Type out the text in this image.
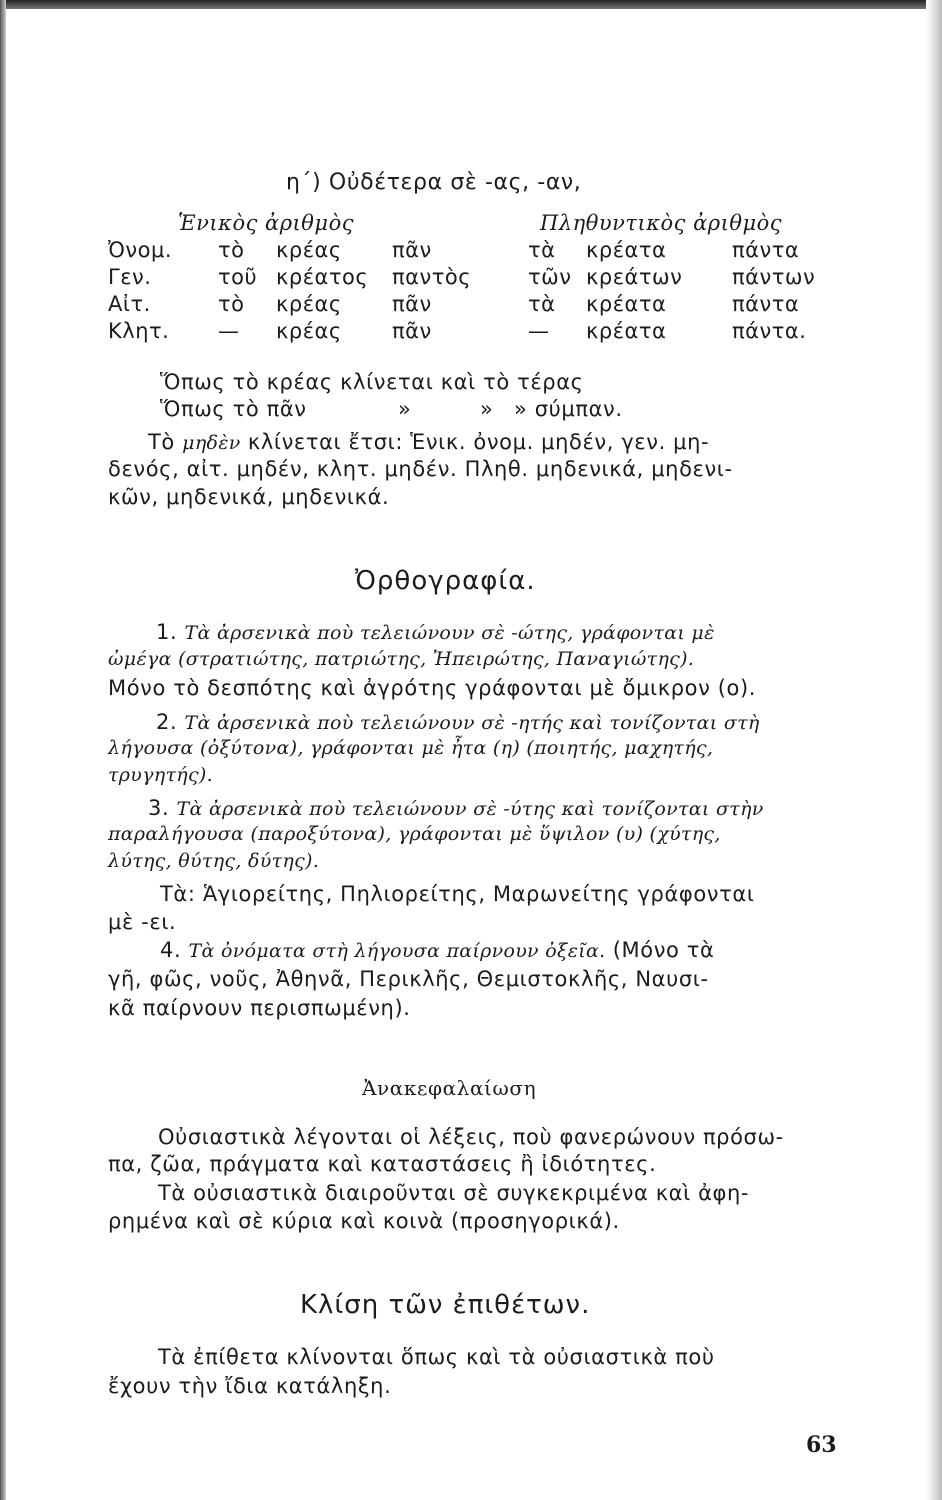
η΄) Οὐδέτερα σὲ -ας, -αν,
Ἑνικὸς ἀριθμὸς	Πληθυντικὸς ἀριθμὸς
Ὀνομ. τὸ κρέας πᾶν	τὰ κρέατα	πάντα
Γεν.	τοῦ κρέατος παντὸς	τῶν κρεάτων πάντων
Αἰτ.	τὸ κρέας πᾶν	τὰ κρέατα	πάντα
Κλητ. — κρέας πᾶν	— κρέατα	πάντα.
Ὅπως τὸ κρέας κλίνεται καὶ τὸ τέρας
Ὅπως τὸ πᾶν	»	» » σύμπαν.
Τὸ μηδὲν κλίνεται ἔτσι: Ἑνικ. ὀνομ. μηδέν, γεν. μη-
δενός, αἰτ. μηδέν, κλητ. μηδέν. Πληθ. μηδενικά, μηδενι-
κῶν, μηδενικά, μηδενικά.
Ὀρθογραφία.
1. Τὰ ἀρσενικὰ ποὺ τελειώνουν σὲ -ώτης, γράφονται μὲ
ὠμέγα (στρατιώτης, πατριώτης, Ἠπειρώτης, Παναγιώτης).
Μόνο τὸ δεσπότης καὶ ἀγρότης γράφονται μὲ ὄμικρον (ο).
2. Τὰ ἀρσενικὰ ποὺ τελειώνουν σὲ -ητής καὶ τονίζονται στὴ
λήγουσα (ὀξύτονα), γράφονται μὲ ἦτα (η) (ποιητής, μαχητής,
τρυγητής).
3. Τὰ ἀρσενικὰ ποὺ τελειώνουν σὲ -ύτης καὶ τονίζονται στὴν
παραλήγουσα (παροξύτονα), γράφονται μὲ ὕψιλον (υ) (χύτης,
λύτης, θύτης, δύτης).
Τὰ: Ἁγιορείτης, Πηλιορείτης, Μαρωνείτης γράφονται
μὲ -ει.
4. Τὰ ὀνόματα στὴ λήγουσα παίρνουν ὀξεῖα. (Μόνο τὰ
γῆ, φῶς, νοῦς, Ἀθηνᾶ, Περικλῆς, Θεμιστοκλῆς, Ναυσι-
κᾶ παίρνουν περισπωμένη).
Ἀνακεφαλαίωση
Οὐσιαστικὰ λέγονται οἱ λέξεις, ποὺ φανερώνουν πρόσω-
πα, ζῶα, πράγματα καὶ καταστάσεις ἢ ἰδιότητες.
Τὰ οὐσιαστικὰ διαιροῦνται σὲ συγκεκριμένα καὶ ἀφη-
ρημένα καὶ σὲ κύρια καὶ κοινὰ (προσηγορικά).
Κλίση τῶν ἐπιθέτων.
Τὰ ἐπίθετα κλίνονται ὅπως καὶ τὰ οὐσιαστικὰ ποὺ
ἔχουν τὴν ἴδια κατάληξη.
63
